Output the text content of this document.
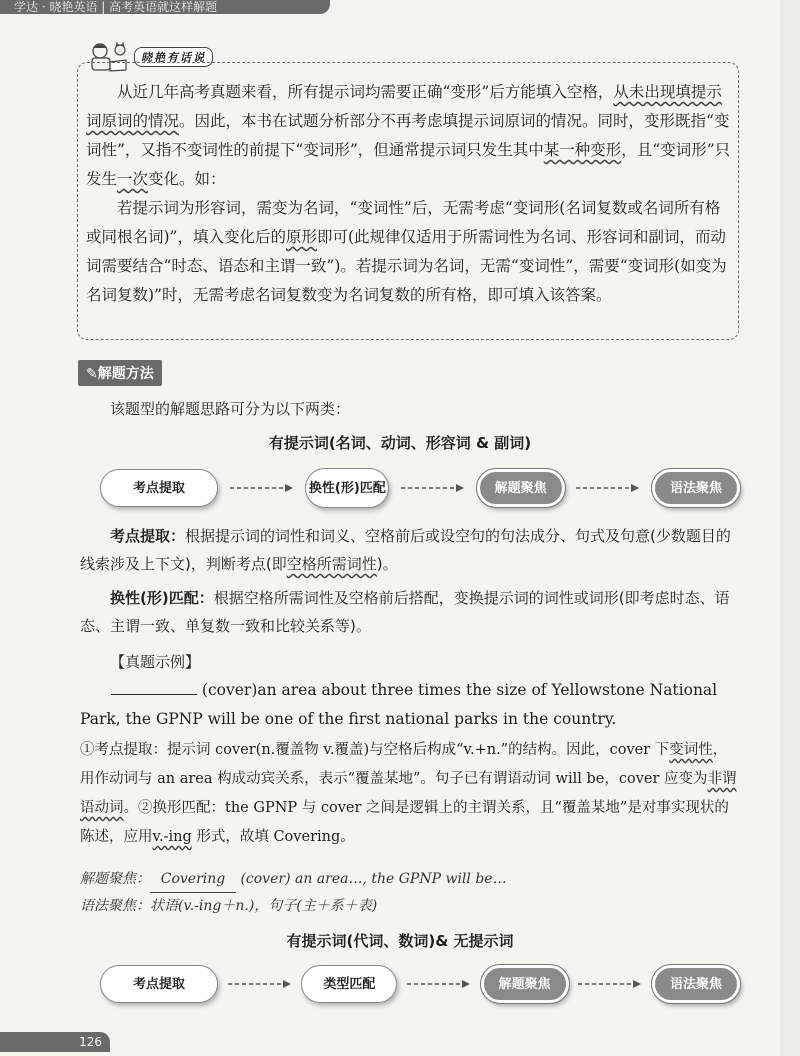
学达 · 晓艳英语 | 高考英语就这样解题
晓艳有话说

从近几年高考真题来看，所有提示词均需要正确“变形”后方能填入空格，从未出现填提示词原词的情况。因此，本书在试题分析部分不再考虑填提示词原词的情况。同时，变形既指“变词性”，又指不变词性的前提下“变词形”，但通常提示词只发生其中某一种变形，且“变词形”只发生一次变化。如：

若提示词为形容词，需变为名词，“变词性”后，无需考虑“变词形(名词复数或名词所有格或同根名词)”，填入变化后的原形即可(此规律仅适用于所需词性为名词、形容词和副词，而动词需要结合“时态、语态和主谓一致”)。若提示词为名词，无需“变词性”，需要“变词形(如变为名词复数)”时，无需考虑名词复数变为名词复数的所有格，即可填入该答案。

✎解题方法

该题型的解题思路可分为以下两类：

有提示词(名词、动词、形容词 & 副词)
考点提取	换性(形)匹配	解题聚焦	语法聚焦

考点提取：根据提示词的词性和词义、空格前后或设空句的句法成分、句式及句意(少数题目的线索涉及上下文)，判断考点(即空格所需词性)。

换性(形)匹配：根据空格所需词性及空格前后搭配，变换提示词的词性或词形(即考虑时态、语态、主谓一致、单复数一致和比较关系等)。

【真题示例】

(cover)an area about three times the size of Yellowstone National Park, the GPNP will be one of the first national parks in the country.

①考点提取：提示词 cover(n.覆盖物 v.覆盖)与空格后构成“v.+n.”的结构。因此，cover 下变词性，用作动词与 an area 构成动宾关系，表示“覆盖某地”。句子已有谓语动词 will be，cover 应变为非谓语动词。②换形匹配：the GPNP 与 cover 之间是逻辑上的主谓关系，且“覆盖某地”是对事实现状的陈述，应用v.-ing 形式，故填 Covering。

解题聚焦： Covering (cover) an area…, the GPNP will be…
语法聚焦：状语(v.-ing＋n.)，句子(主＋系＋表)
有提示词(代词、数词)& 无提示词
考点提取	类型匹配	解题聚焦	语法聚焦
126
